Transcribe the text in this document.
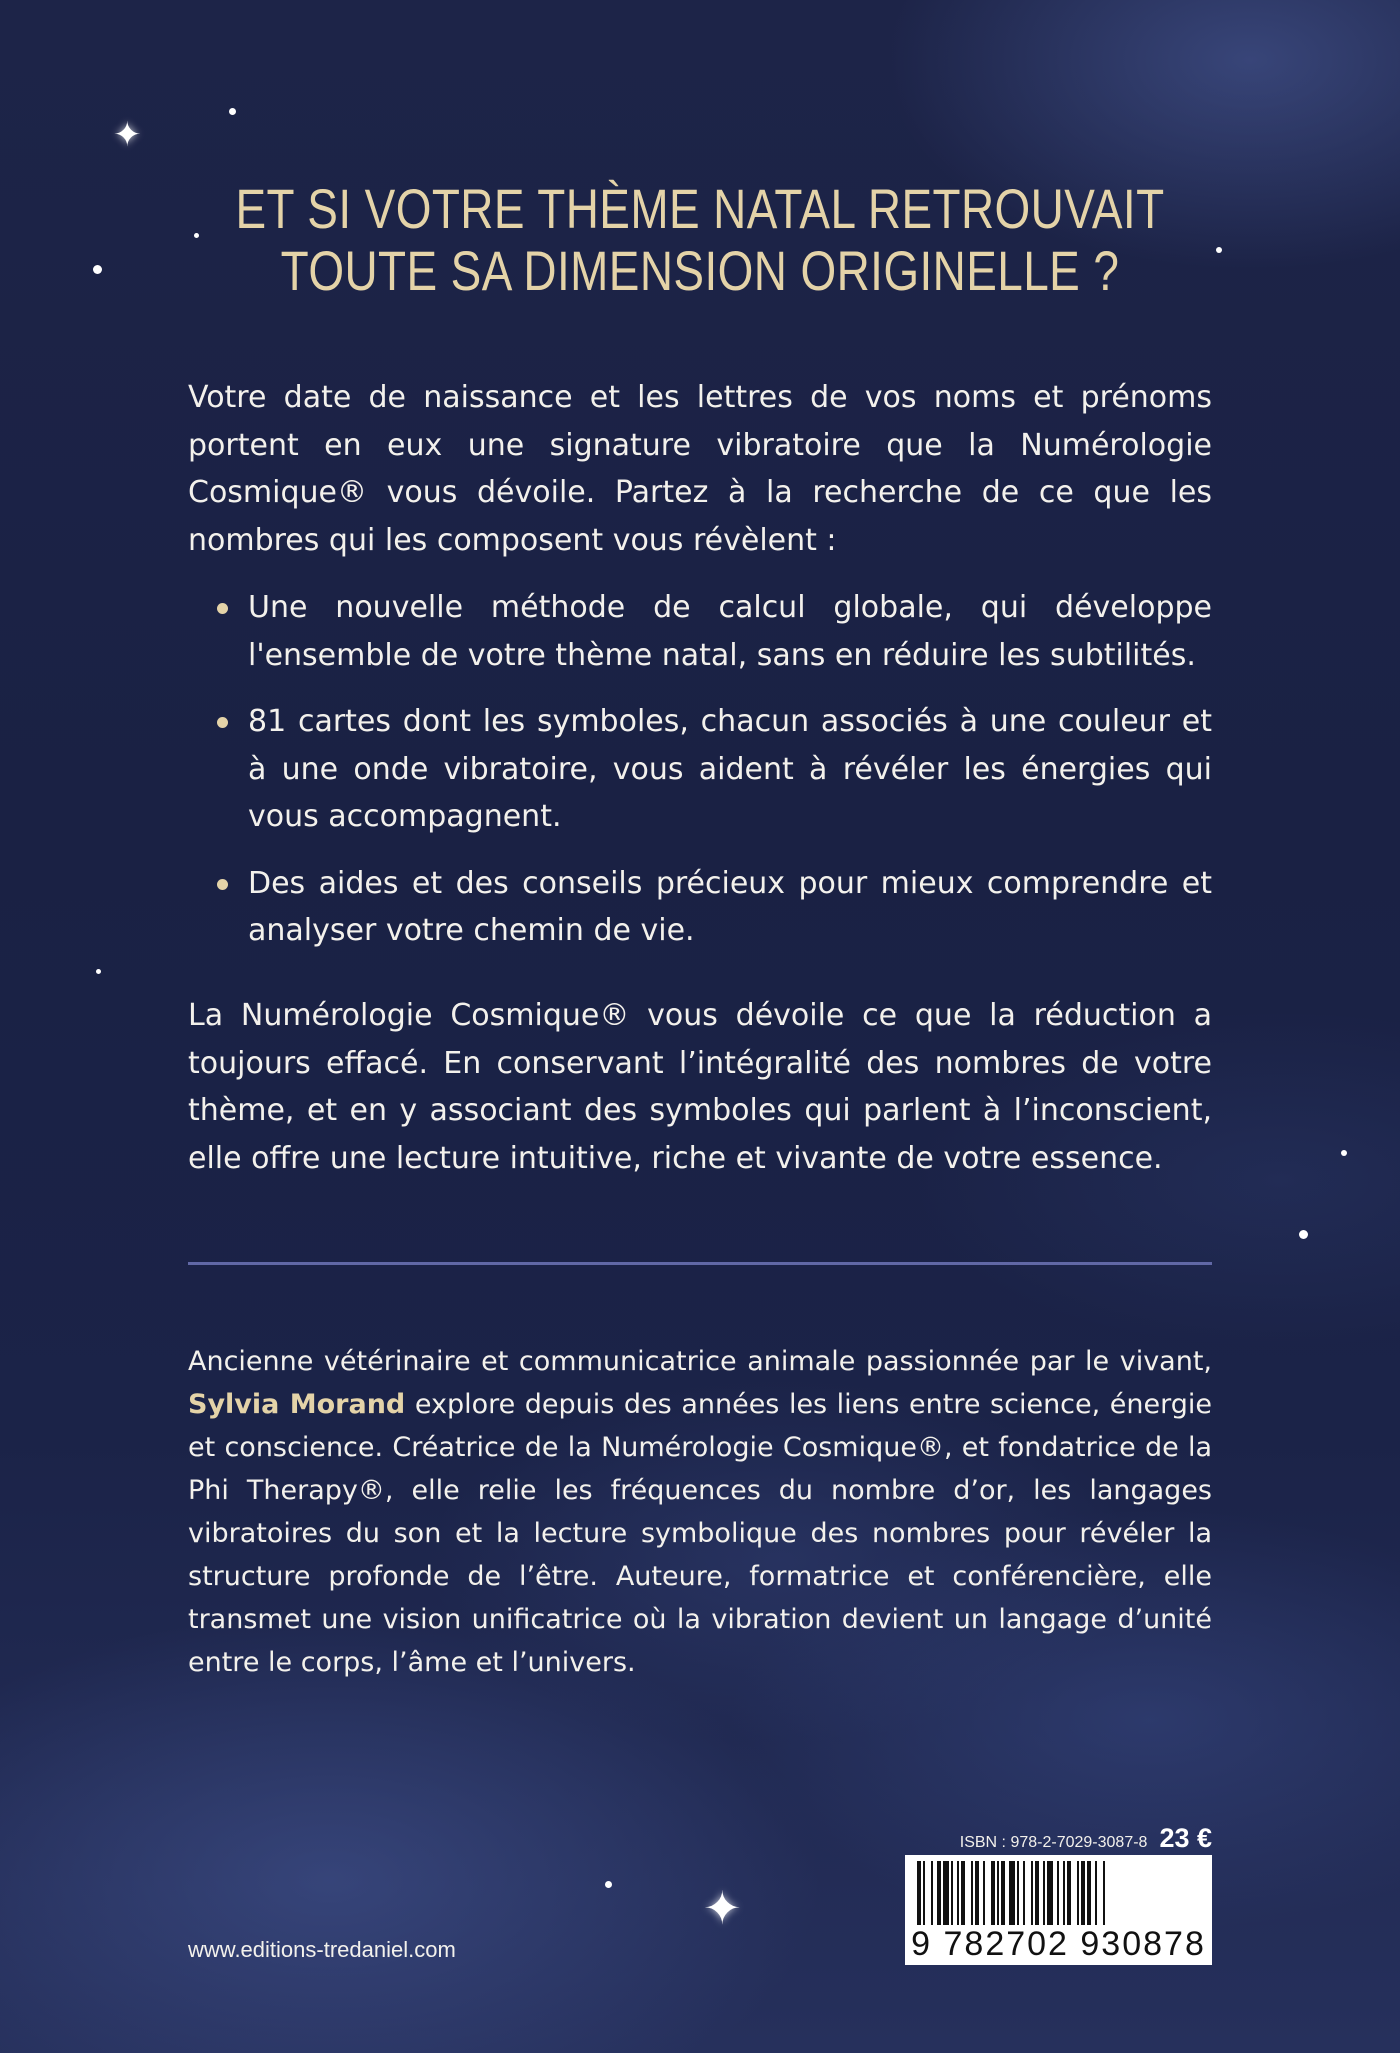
✦
✦
ET SI VOTRE THÈME NATAL RETROUVAIT
TOUTE SA DIMENSION ORIGINELLE ?

Votre date de naissance et les lettres de vos noms et prénoms portent en eux une signature vibratoire que la Numérologie Cosmique® vous dévoile. Partez à la recherche de ce que les nombres qui les composent vous révèlent :

Une nouvelle méthode de calcul globale, qui développe l'ensemble de votre thème natal, sans en réduire les subtilités.
81 cartes dont les symboles, chacun associés à une couleur et à une onde vibratoire, vous aident à révéler les énergies qui vous accompagnent.
Des aides et des conseils précieux pour mieux comprendre et analyser votre chemin de vie.

La Numérologie Cosmique® vous dévoile ce que la réduction a toujours effacé. En conservant l’intégralité des nombres de votre thème, et en y associant des symboles qui parlent à l’inconscient, elle offre une lecture intuitive, riche et vivante de votre essence.

Ancienne vétérinaire et communicatrice animale passionnée par le vivant, Sylvia Morand explore depuis des années les liens entre science, énergie et conscience. Créatrice de la Numérologie Cosmique®, et fondatrice de la Phi Therapy®, elle relie les fréquences du nombre d’or, les langages vibratoires du son et la lecture symbolique des nombres pour révéler la structure profonde de l’être. Auteure, formatrice et conférencière, elle transmet une vision unificatrice où la vibration devient un langage d’unité entre le corps, l’âme et l’univers.

www.editions-tredaniel.com
ISBN : 978-2-7029-3087-8 23 €
9 782702 930878
